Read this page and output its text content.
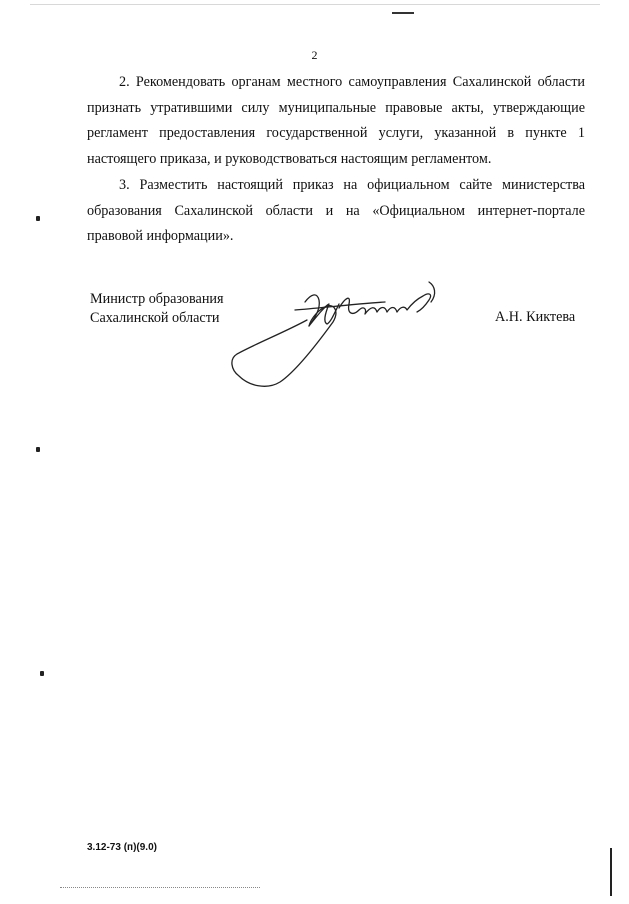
2

2. Рекомендовать органам местного самоуправления Сахалинской области признать утратившими силу муниципальные правовые акты, утверждающие регламент предоставления государственной услуги, указанной в пункте 1 настоящего приказа, и руководствоваться настоящим регламентом.

3. Разместить настоящий приказ на официальном сайте министерства образования Сахалинской области и на «Официальном интернет-портале правовой информации».

Министр образования
Сахалинской области	А.Н. Киктева
3.12-73 (п)(9.0)
